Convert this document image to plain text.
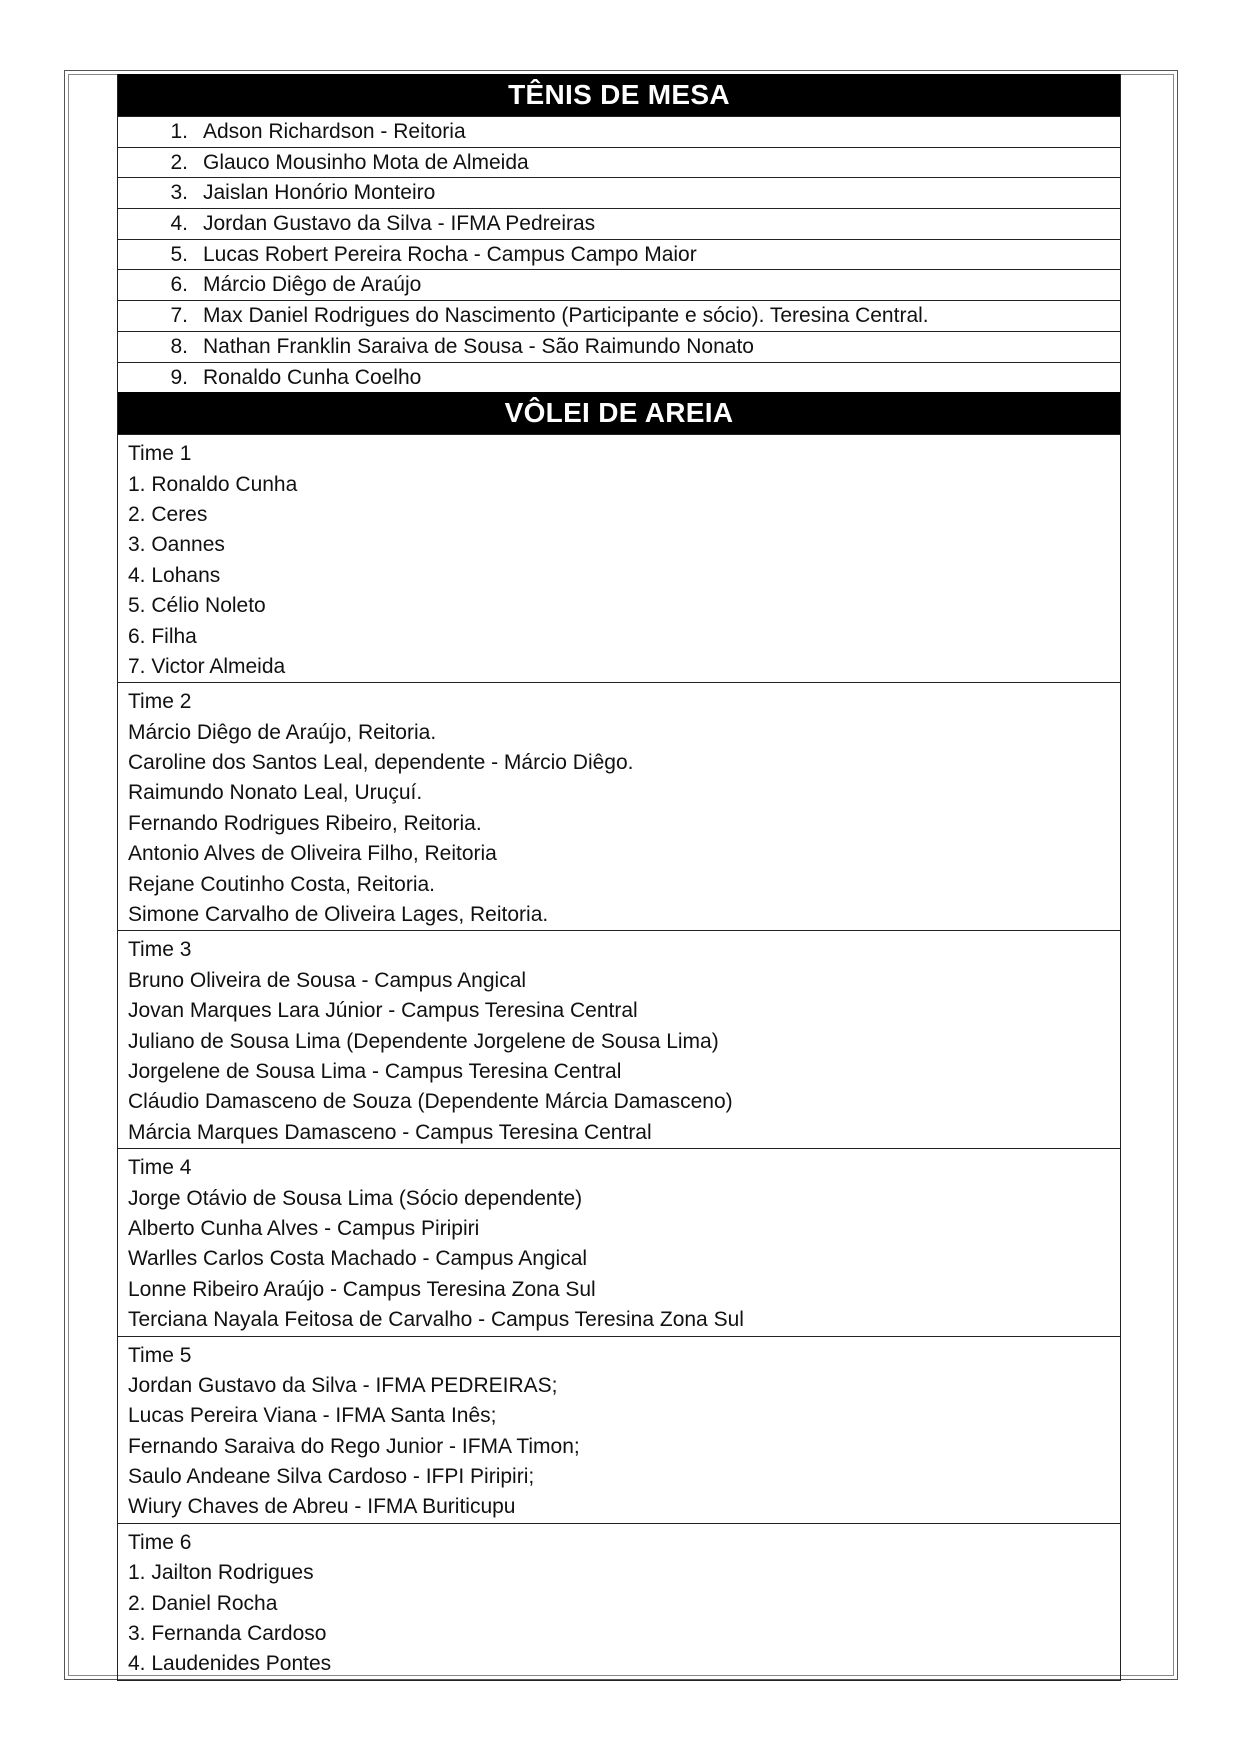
TÊNIS DE MESA
1. Adson Richardson - Reitoria
2. Glauco Mousinho Mota de Almeida
3. Jaislan Honório Monteiro
4. Jordan Gustavo da Silva - IFMA Pedreiras
5. Lucas Robert Pereira Rocha - Campus Campo Maior
6. Márcio Diêgo de Araújo
7. Max Daniel Rodrigues do Nascimento (Participante e sócio). Teresina Central.
8. Nathan Franklin Saraiva de Sousa - São Raimundo Nonato
9. Ronaldo Cunha Coelho
VÔLEI DE AREIA
Time 1
1. Ronaldo Cunha
2. Ceres
3. Oannes
4. Lohans
5. Célio Noleto
6. Filha
7. Victor Almeida
Time 2
Márcio Diêgo de Araújo, Reitoria.
Caroline dos Santos Leal, dependente - Márcio Diêgo.
Raimundo Nonato Leal, Uruçuí.
Fernando Rodrigues Ribeiro, Reitoria.
Antonio Alves de Oliveira Filho, Reitoria
Rejane Coutinho Costa, Reitoria.
Simone Carvalho de Oliveira Lages, Reitoria.
Time 3
Bruno Oliveira de Sousa - Campus Angical
Jovan Marques Lara Júnior - Campus Teresina Central
Juliano de Sousa Lima (Dependente Jorgelene de Sousa Lima)
Jorgelene de Sousa Lima - Campus Teresina Central
Cláudio Damasceno de Souza (Dependente Márcia Damasceno)
Márcia Marques Damasceno - Campus Teresina Central
Time 4
Jorge Otávio de Sousa Lima (Sócio dependente)
Alberto Cunha Alves - Campus Piripiri
Warlles Carlos Costa Machado - Campus Angical
Lonne Ribeiro Araújo - Campus Teresina Zona Sul
Terciana Nayala Feitosa de Carvalho - Campus Teresina Zona Sul
Time 5
Jordan Gustavo da Silva - IFMA PEDREIRAS;
Lucas Pereira Viana - IFMA Santa Inês;
Fernando Saraiva do Rego Junior - IFMA Timon;
Saulo Andeane Silva Cardoso - IFPI Piripiri;
Wiury Chaves de Abreu - IFMA Buriticupu
Time 6
1. Jailton Rodrigues
2. Daniel Rocha
3. Fernanda Cardoso
4. Laudenides Pontes
